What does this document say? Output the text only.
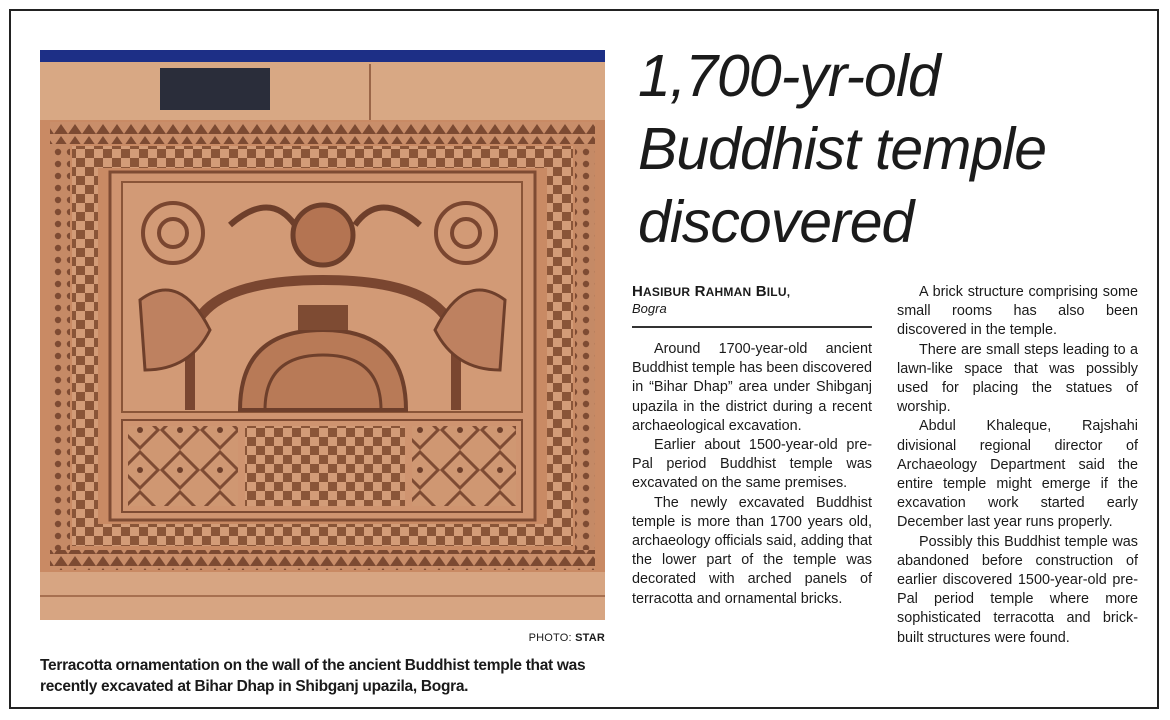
PHOTO: STAR
Terracotta ornamentation on the wall of the ancient Buddhist temple that was recently excavated at Bihar Dhap in Shibganj upazila, Bogra.
1,700-yr-old
Buddhist temple
discovered
HASIBUR RAHMAN BILU,
Bogra

Around 1700-year-old ancient Buddhist temple has been discovered in “Bihar Dhap” area under Shibganj upazila in the district during a recent archaeological excavation.

Earlier about 1500-year-old pre-Pal period Buddhist temple was excavated on the same premises.

The newly excavated Buddhist temple is more than 1700 years old, archaeology officials said, adding that the lower part of the temple was decorated with arched panels of terracotta and ornamental bricks.

A brick structure comprising some small rooms has also been discovered in the temple.

There are small steps leading to a lawn-like space that was possibly used for placing the statues of worship.

Abdul Khaleque, Rajshahi divisional regional director of Archaeology Department said the entire temple might emerge if the excavation work started early December last year runs properly.

Possibly this Buddhist temple was abandoned before construction of earlier discovered 1500-year-old pre-Pal period temple where more sophisticated terracotta and brick-built structures were found.
